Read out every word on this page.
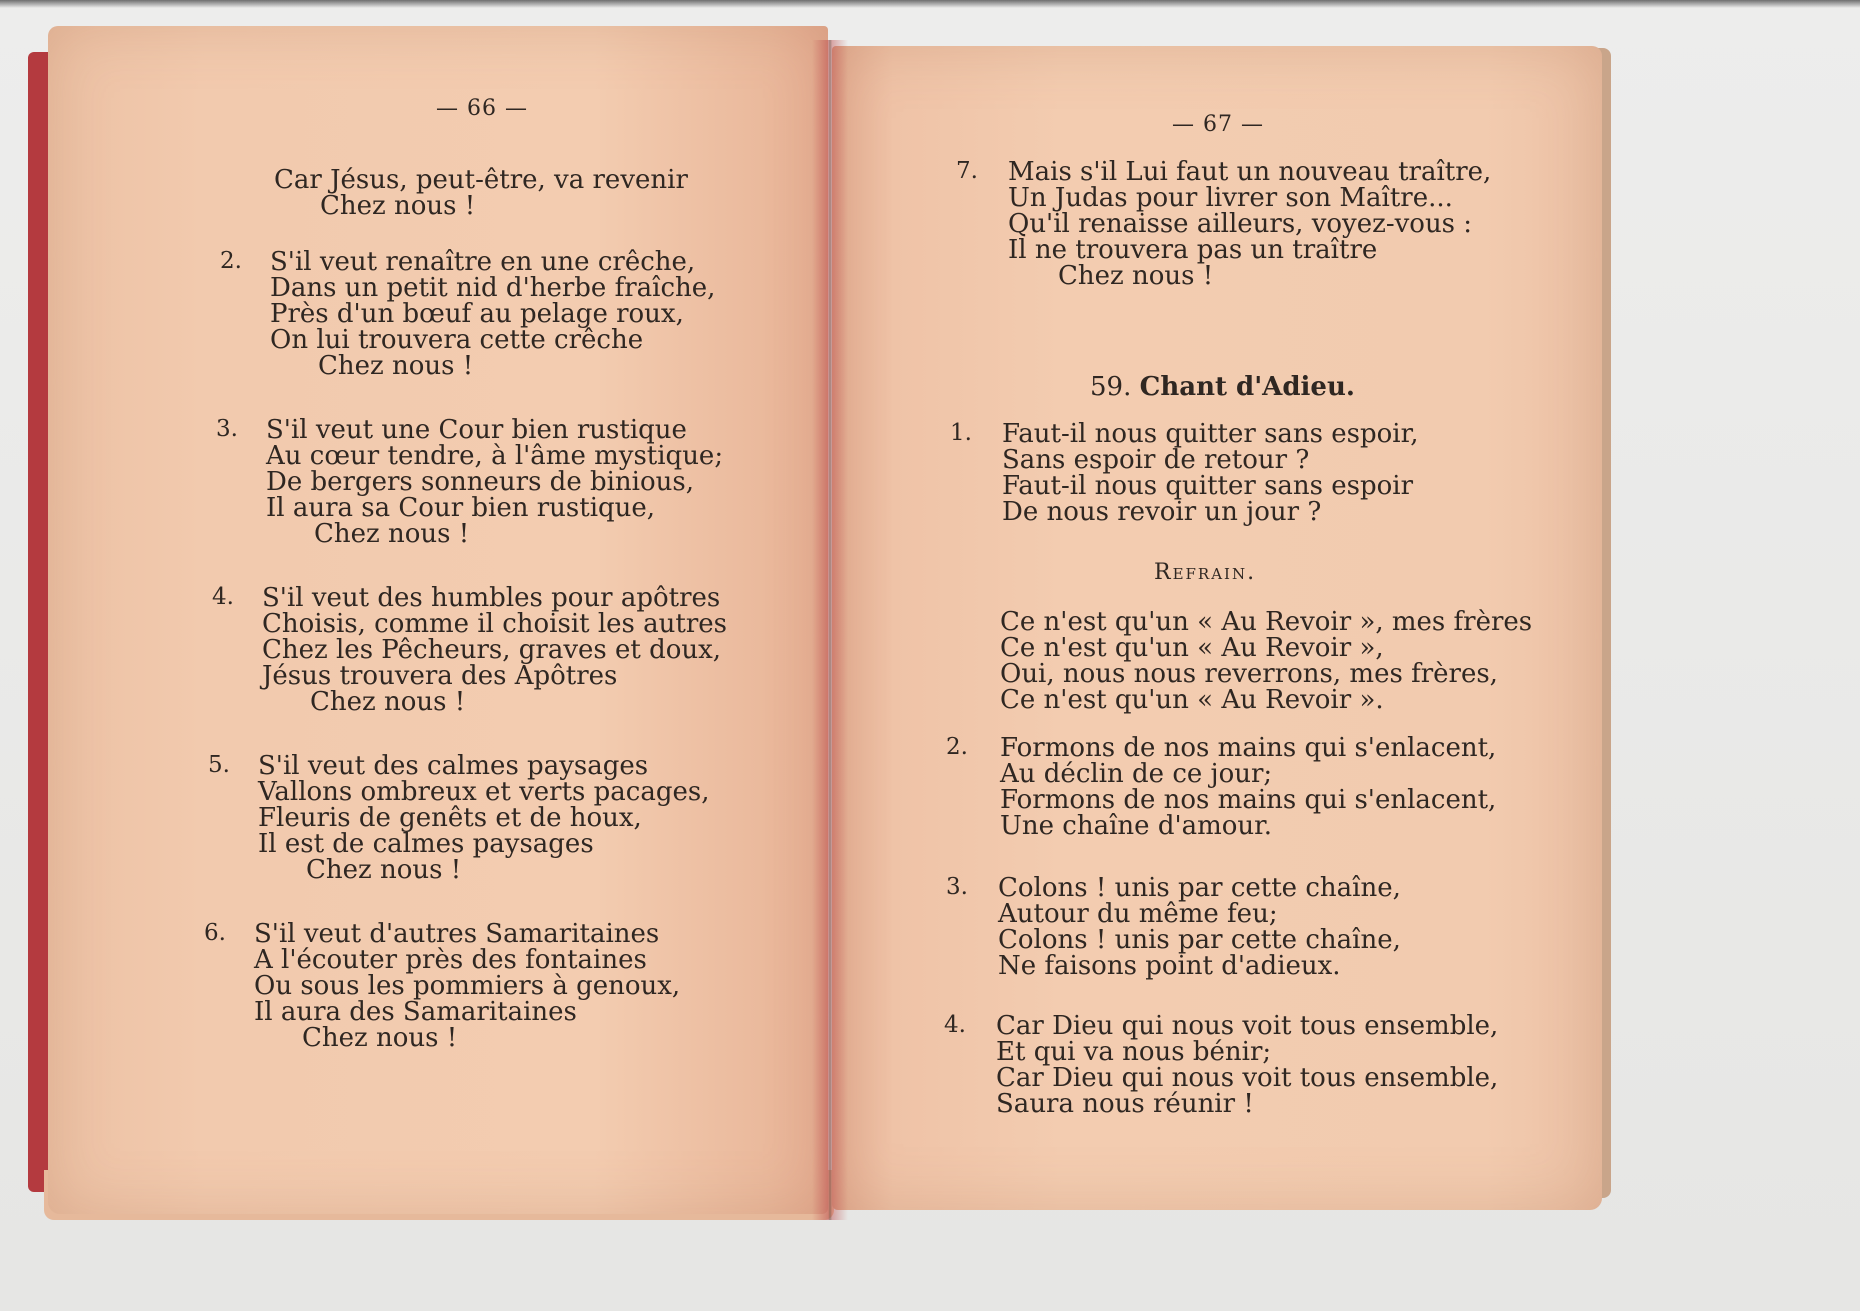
— 66 —
Car Jésus, peut-être, va revenir
Chez nous !
2. S'il veut renaître en une crêche,
Dans un petit nid d'herbe fraîche,
Près d'un bœuf au pelage roux,
On lui trouvera cette crêche
Chez nous !
3. S'il veut une Cour bien rustique
Au cœur tendre, à l'âme mystique;
De bergers sonneurs de binious,
Il aura sa Cour bien rustique,
Chez nous !
4. S'il veut des humbles pour apôtres
Choisis, comme il choisit les autres
Chez les Pêcheurs, graves et doux,
Jésus trouvera des Apôtres
Chez nous !
5. S'il veut des calmes paysages
Vallons ombreux et verts pacages,
Fleuris de genêts et de houx,
Il est de calmes paysages
Chez nous !
6. S'il veut d'autres Samaritaines
A l'écouter près des fontaines
Ou sous les pommiers à genoux,
Il aura des Samaritaines
Chez nous !
— 67 —
7. Mais s'il Lui faut un nouveau traître,
Un Judas pour livrer son Maître...
Qu'il renaisse ailleurs, voyez-vous :
Il ne trouvera pas un traître
Chez nous !
59. Chant d'Adieu.
1. Faut-il nous quitter sans espoir,
Sans espoir de retour ?
Faut-il nous quitter sans espoir
De nous revoir un jour ?
Refrain.
Ce n'est qu'un « Au Revoir », mes frères
Ce n'est qu'un « Au Revoir »,
Oui, nous nous reverrons, mes frères,
Ce n'est qu'un « Au Revoir ».
2. Formons de nos mains qui s'enlacent,
Au déclin de ce jour;
Formons de nos mains qui s'enlacent,
Une chaîne d'amour.
3. Colons ! unis par cette chaîne,
Autour du même feu;
Colons ! unis par cette chaîne,
Ne faisons point d'adieux.
4. Car Dieu qui nous voit tous ensemble,
Et qui va nous bénir;
Car Dieu qui nous voit tous ensemble,
Saura nous réunir !
